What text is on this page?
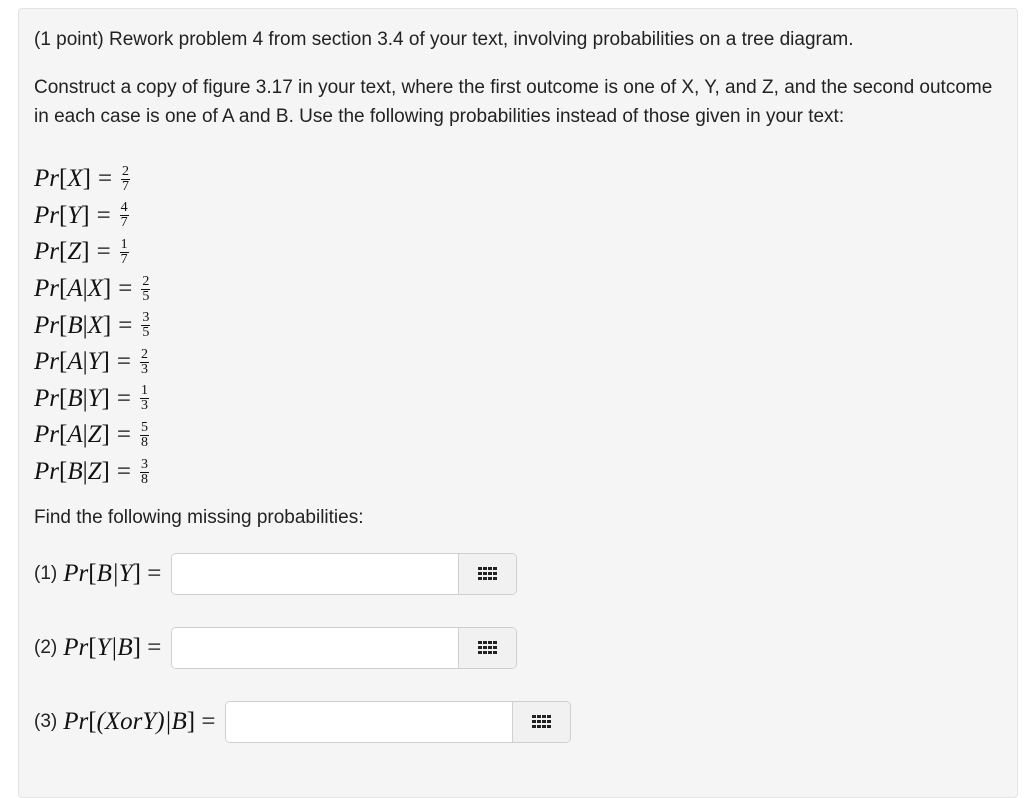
(1 point) Rework problem 4 from section 3.4 of your text, involving probabilities on a tree diagram.
Construct a copy of figure 3.17 in your text, where the first outcome is one of X, Y, and Z, and the second outcome in each case is one of A and B. Use the following probabilities instead of those given in your text:
Pr [ X ] = $\frac{2}{7}$
Pr [ Y ] = $\frac{4}{7}$
Pr [ Z ] = $\frac{1}{7}$
Pr [ A | X ] = $\frac{2}{5}$
Pr [ B | X ] = $\frac{3}{5}$
Pr [ A | Y ] = $\frac{2}{3}$
Pr [ B | Y ] = $\frac{1}{3}$
Pr [ A | Z ] = $\frac{5}{8}$
Pr [ B | Z ] = $\frac{3}{8}$
Find the following missing probabilities:
(1) Pr[B|Y] =
(2) Pr[Y|B] =
(3) Pr[(XorY)|B] =
